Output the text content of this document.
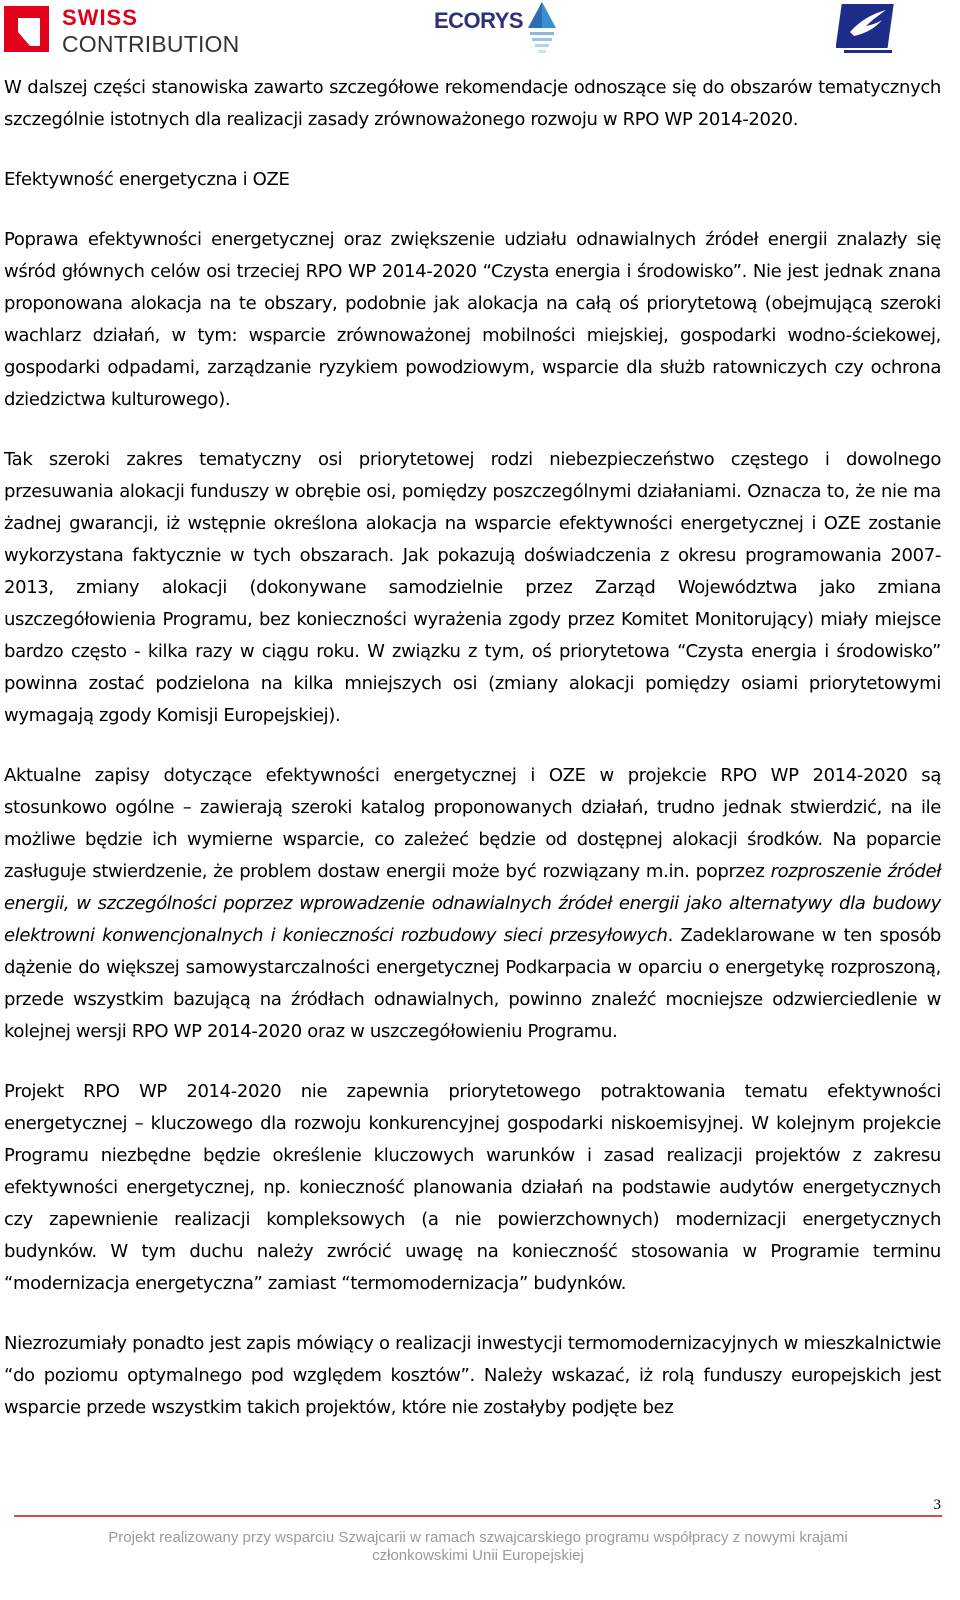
SWISS
CONTRIBUTION
ECORYS

W dalszej części stanowiska zawarto szczegółowe rekomendacje odnoszące się do obszarów tematycznych szczególnie istotnych dla realizacji zasady zrównoważonego rozwoju w RPO WP 2014-2020.

Efektywność energetyczna i OZE

Poprawa efektywności energetycznej oraz zwiększenie udziału odnawialnych źródeł energii znalazły się wśród głównych celów osi trzeciej RPO WP 2014-2020 “Czysta energia i środowisko”. Nie jest jednak znana proponowana alokacja na te obszary, podobnie jak alokacja na całą oś priorytetową (obejmującą szeroki wachlarz działań, w tym: wsparcie zrównoważonej mobilności miejskiej, gospodarki wodno-ściekowej, gospodarki odpadami, zarządzanie ryzykiem powodziowym, wsparcie dla służb ratowniczych czy ochrona dziedzictwa kulturowego).

Tak szeroki zakres tematyczny osi priorytetowej rodzi niebezpieczeństwo częstego i dowolnego przesuwania alokacji funduszy w obrębie osi, pomiędzy poszczególnymi działaniami. Oznacza to, że nie ma żadnej gwarancji, iż wstępnie określona alokacja na wsparcie efektywności energetycznej i OZE zostanie wykorzystana faktycznie w tych obszarach. Jak pokazują doświadczenia z okresu programowania 2007-2013, zmiany alokacji (dokonywane samodzielnie przez Zarząd Województwa jako zmiana uszczegółowienia Programu, bez konieczności wyrażenia zgody przez Komitet Monitorujący) miały miejsce bardzo często - kilka razy w ciągu roku. W związku z tym, oś priorytetowa “Czysta energia i środowisko” powinna zostać podzielona na kilka mniejszych osi (zmiany alokacji pomiędzy osiami priorytetowymi wymagają zgody Komisji Europejskiej).

Aktualne zapisy dotyczące efektywności energetycznej i OZE w projekcie RPO WP 2014-2020 są stosunkowo ogólne – zawierają szeroki katalog proponowanych działań, trudno jednak stwierdzić, na ile możliwe będzie ich wymierne wsparcie, co zależeć będzie od dostępnej alokacji środków. Na poparcie zasługuje stwierdzenie, że problem dostaw energii może być rozwiązany m.in. poprzez rozproszenie źródeł energii, w szczególności poprzez wprowadzenie odnawialnych źródeł energii jako alternatywy dla budowy elektrowni konwencjonalnych i konieczności rozbudowy sieci przesyłowych. Zadeklarowane w ten sposób dążenie do większej samowystarczalności energetycznej Podkarpacia w oparciu o energetykę rozproszoną, przede wszystkim bazującą na źródłach odnawialnych, powinno znaleźć mocniejsze odzwierciedlenie w kolejnej wersji RPO WP 2014-2020 oraz w uszczegółowieniu Programu.

Projekt RPO WP 2014-2020 nie zapewnia priorytetowego potraktowania tematu efektywności energetycznej – kluczowego dla rozwoju konkurencyjnej gospodarki niskoemisyjnej. W kolejnym projekcie Programu niezbędne będzie określenie kluczowych warunków i zasad realizacji projektów z zakresu efektywności energetycznej, np. konieczność planowania działań na podstawie audytów energetycznych czy zapewnienie realizacji kompleksowych (a nie powierzchownych) modernizacji energetycznych budynków. W tym duchu należy zwrócić uwagę na konieczność stosowania w Programie terminu “modernizacja energetyczna” zamiast “termomodernizacja” budynków.

Niezrozumiały ponadto jest zapis mówiący o realizacji inwestycji termomodernizacyjnych w mieszkalnictwie “do poziomu optymalnego pod względem kosztów”. Należy wskazać, iż rolą funduszy europejskich jest wsparcie przede wszystkim takich projektów, które nie zostałyby podjęte bez

3
Projekt realizowany przy wsparciu Szwajcarii w ramach szwajcarskiego programu współpracy z nowymi krajami
członkowskimi Unii Europejskiej
